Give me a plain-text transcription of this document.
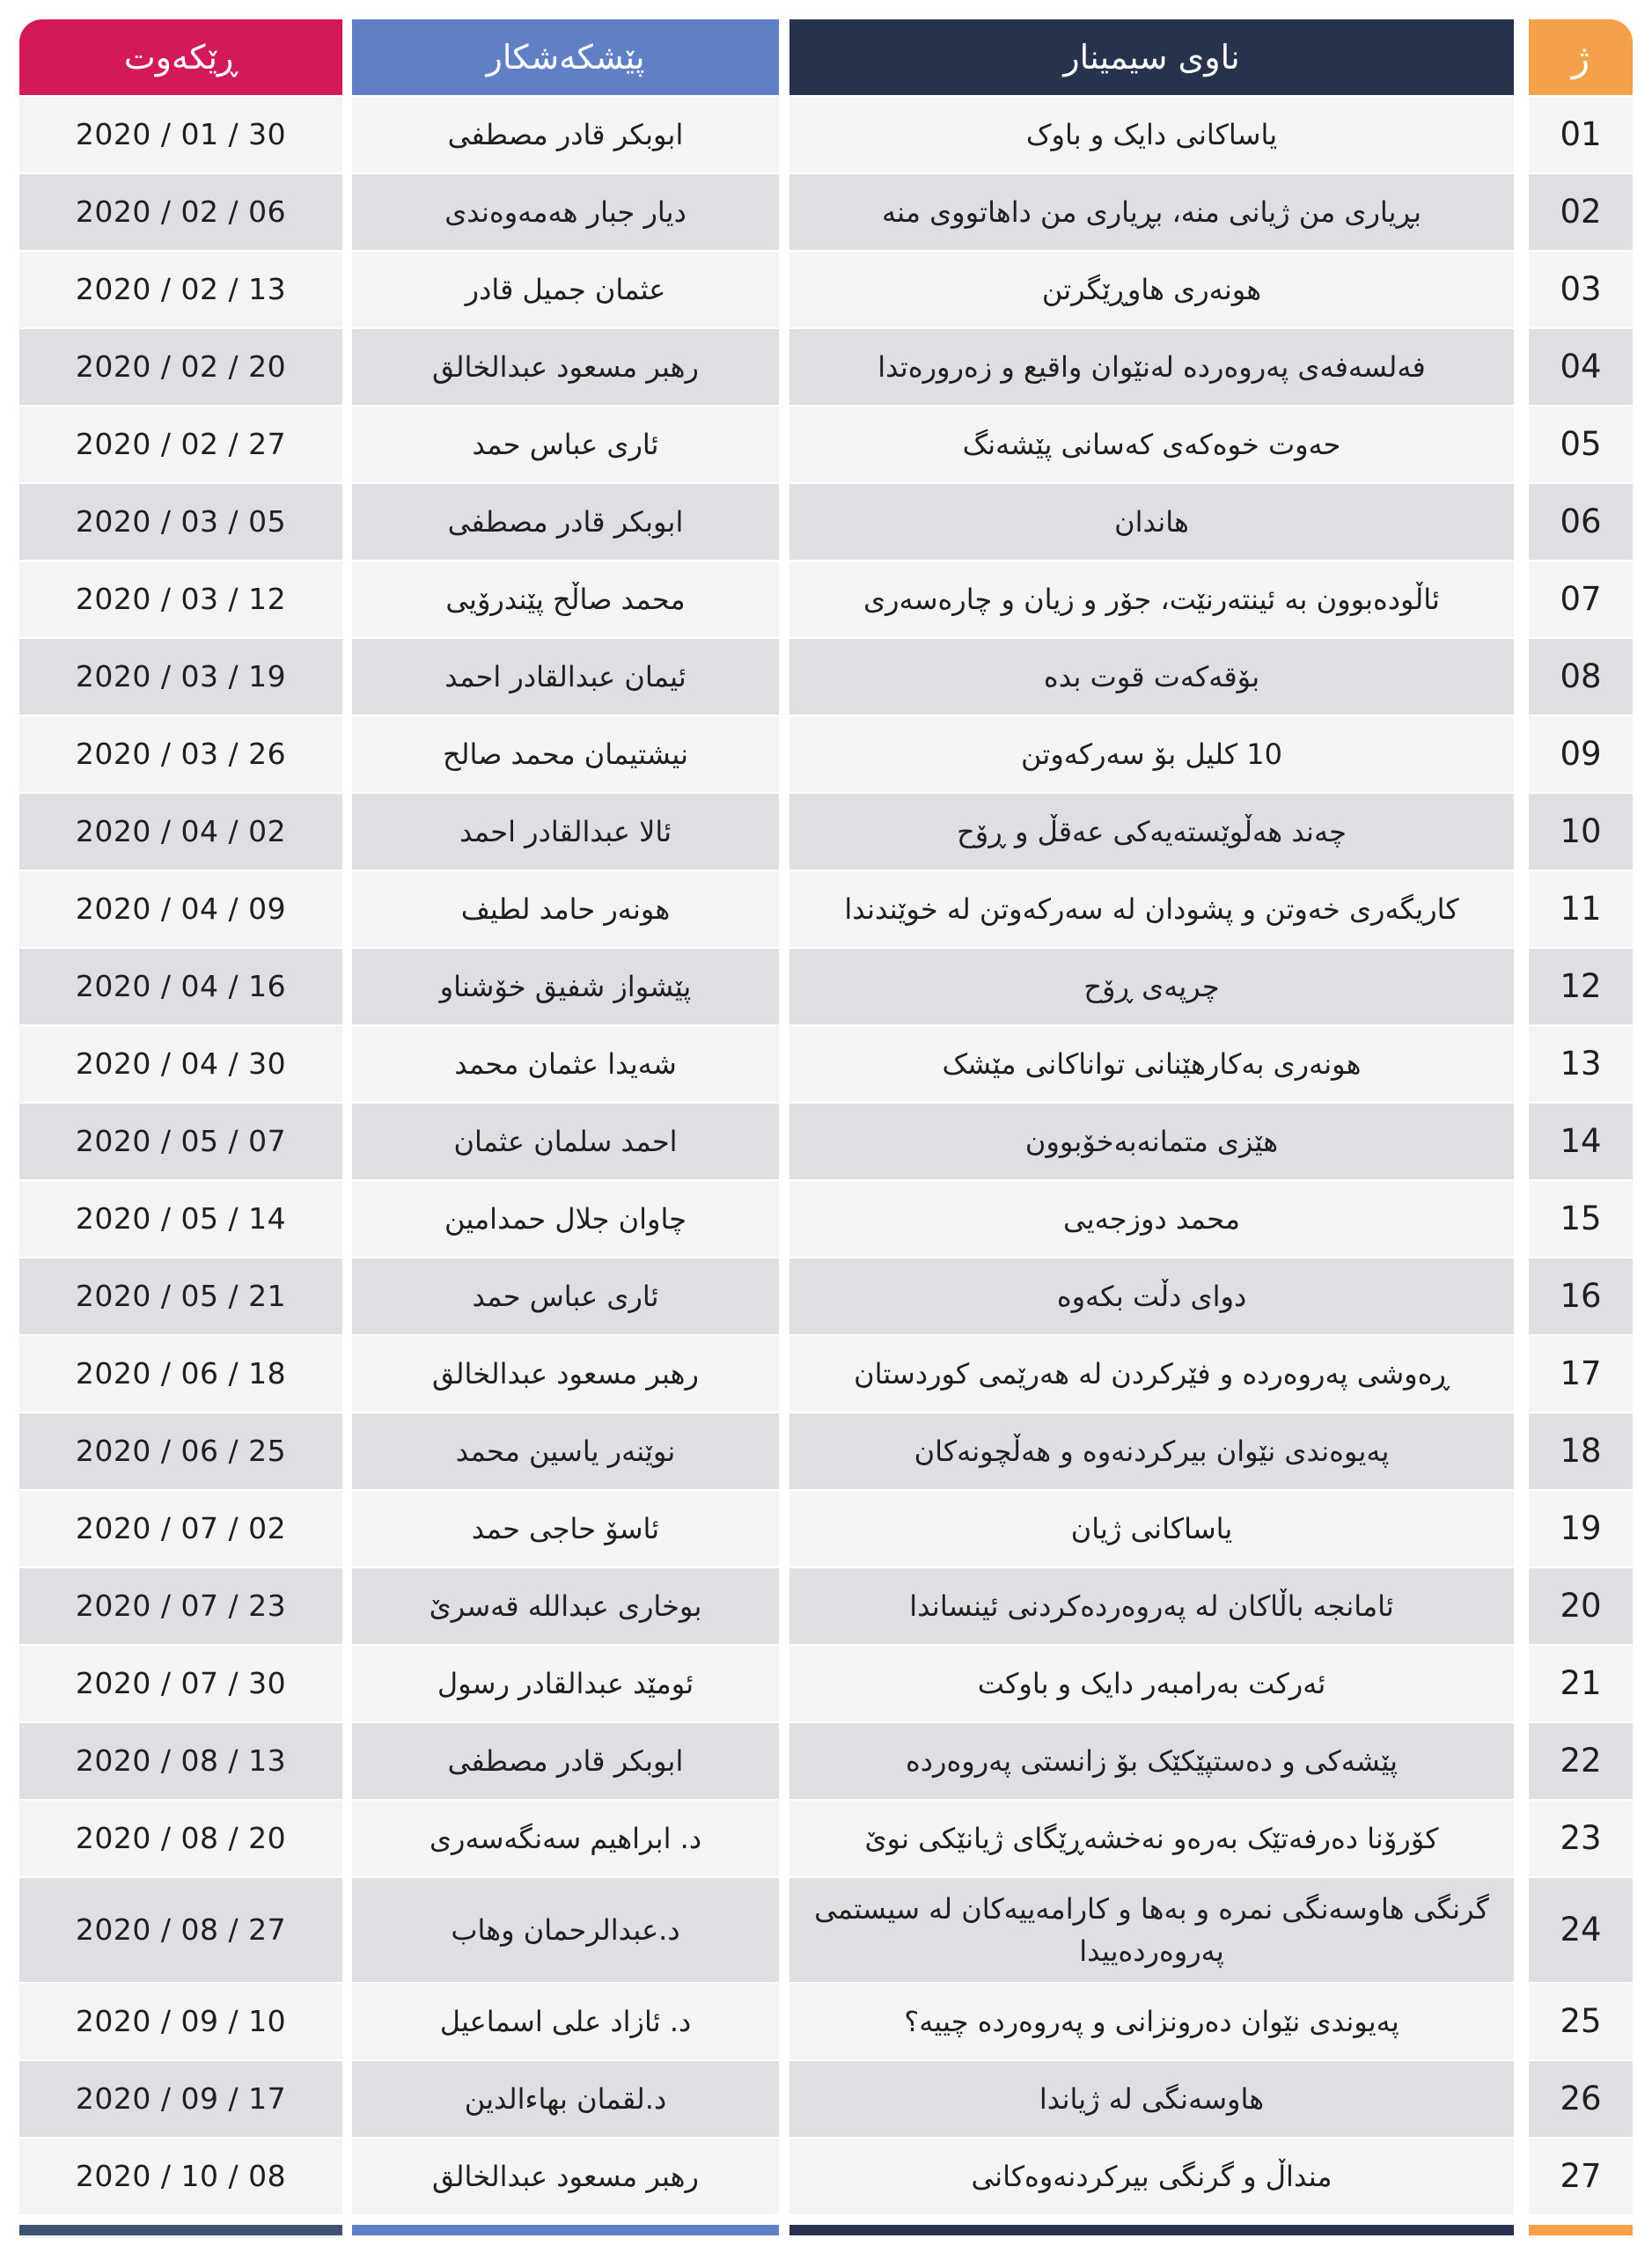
ڕێکەوت
2020 / 01 / 30
2020 / 02 / 06
2020 / 02 / 13
2020 / 02 / 20
2020 / 02 / 27
2020 / 03 / 05
2020 / 03 / 12
2020 / 03 / 19
2020 / 03 / 26
2020 / 04 / 02
2020 / 04 / 09
2020 / 04 / 16
2020 / 04 / 30
2020 / 05 / 07
2020 / 05 / 14
2020 / 05 / 21
2020 / 06 / 18
2020 / 06 / 25
2020 / 07 / 02
2020 / 07 / 23
2020 / 07 / 30
2020 / 08 / 13
2020 / 08 / 20
2020 / 08 / 27
2020 / 09 / 10
2020 / 09 / 17
2020 / 10 / 08
پێشکەشکار
ابوبکر قادر مصطفی
دیار جبار هەمەوەندی
عثمان جمیل قادر
رهبر مسعود عبدالخالق
ئاری عباس حمد
ابوبکر قادر مصطفی
محمد صاڵح پێندرۆیی
ئیمان عبدالقادر احمد
نیشتیمان محمد صالح
ئالا عبدالقادر احمد
هونەر حامد لطیف
پێشواز شفیق خۆشناو
شەیدا عثمان محمد
احمد سلمان عثمان
چاوان جلال حمدامین
ئاری عباس حمد
رهبر مسعود عبدالخالق
نوێنەر یاسین محمد
ئاسۆ حاجی حمد
بوخاری عبدالله قەسرێ
ئومێد عبدالقادر رسول
ابوبکر قادر مصطفی
د. ابراهیم سەنگەسەری
د.عبدالرحمان وهاب
د. ئازاد علی اسماعیل
د.لقمان بهاءالدین
رهبر مسعود عبدالخالق
ناوی سیمینار
یاساکانی دایک و باوک
بڕیاری من ژیانی منە، بڕیاری من داهاتووی منە
هونەری هاوڕێگرتن
فەلسەفەی پەروەردە لەنێوان واقیع و زەرورەتدا
حەوت خوەکەی کەسانی پێشەنگ
هاندان
ئاڵودەبوون بە ئینتەرنێت، جۆر و زیان و چارەسەری
بۆقەکەت قوت بدە
10 کلیل بۆ سەرکەوتن
چەند هەڵوێستەیەکی عەقڵ و ڕۆح
کاریگەری خەوتن و پشودان لە سەرکەوتن لە خوێندندا
چرپەی ڕۆح
هونەری بەکارهێنانی تواناکانی مێشک
هێزی متمانەبەخۆبوون
محمد دوزجەیی
دوای دڵت بکەوە
ڕەوشی پەروەردە و فێرکردن لە هەرێمی کوردستان
پەیوەندی نێوان بیرکردنەوە و هەڵچونەکان
یاساکانی ژیان
ئامانجە باڵاکان لە پەروەردەکردنی ئینساندا
ئەرکت بەرامبەر دایک و باوکت
پێشەکی و دەستپێکێک بۆ زانستی پەروەردە
کۆرۆنا دەرفەتێک بەرەو نەخشەڕێگای ژیانێکی نوێ
گرنگی هاوسەنگی نمرە و بەها و کارامەییەکان لە سیستمی پەروەردەییدا
پەیوندی نێوان دەرونزانی و پەروەردە چییە؟
هاوسەنگی لە ژیاندا
منداڵ و گرنگی بیرکردنەوەکانی
ژ
01
02
03
04
05
06
07
08
09
10
11
12
13
14
15
16
17
18
19
20
21
22
23
24
25
26
27
